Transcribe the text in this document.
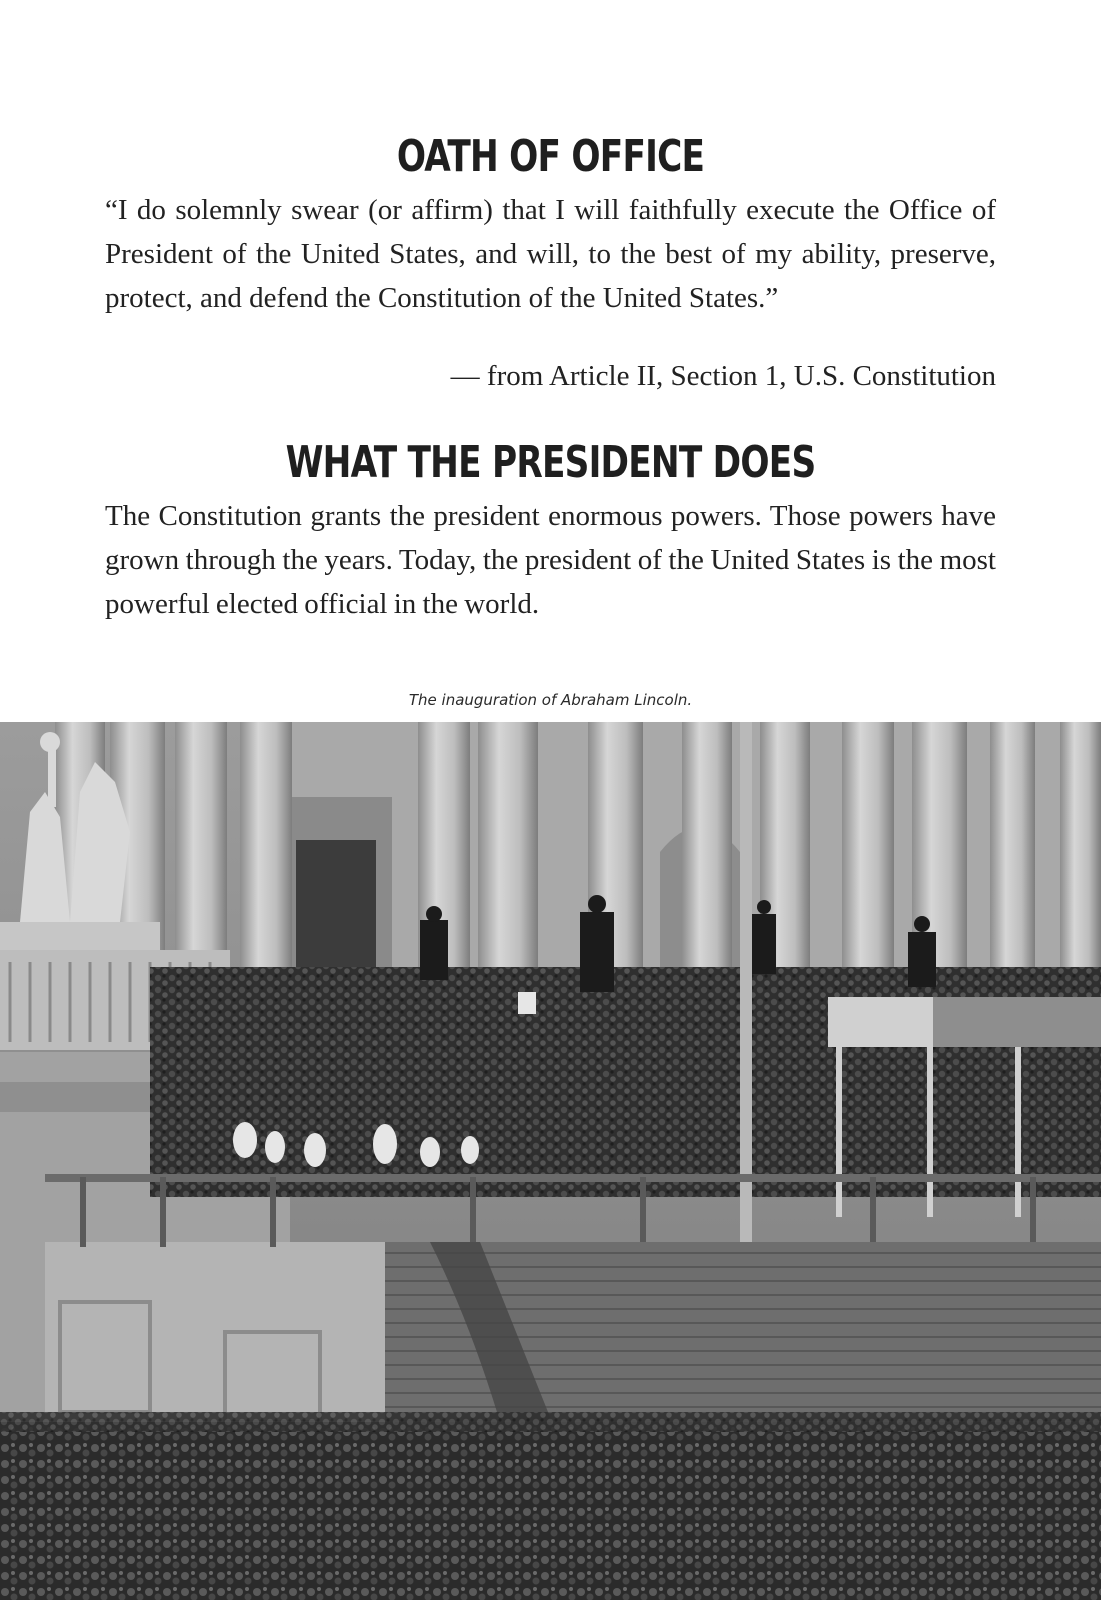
OATH OF OFFICE

“I do solemnly swear (or affirm) that I will faithfully execute the Office of President of the United States, and will, to the best of my ability, preserve, protect, and defend the Constitution of the United States.”

— from Article II, Section 1, U.S. Constitution

WHAT THE PRESIDENT DOES

The Constitution grants the president enormous powers. Those powers have grown through the years. Today, the president of the United States is the most powerful elected official in the world.

The inauguration of Abraham Lincoln.
